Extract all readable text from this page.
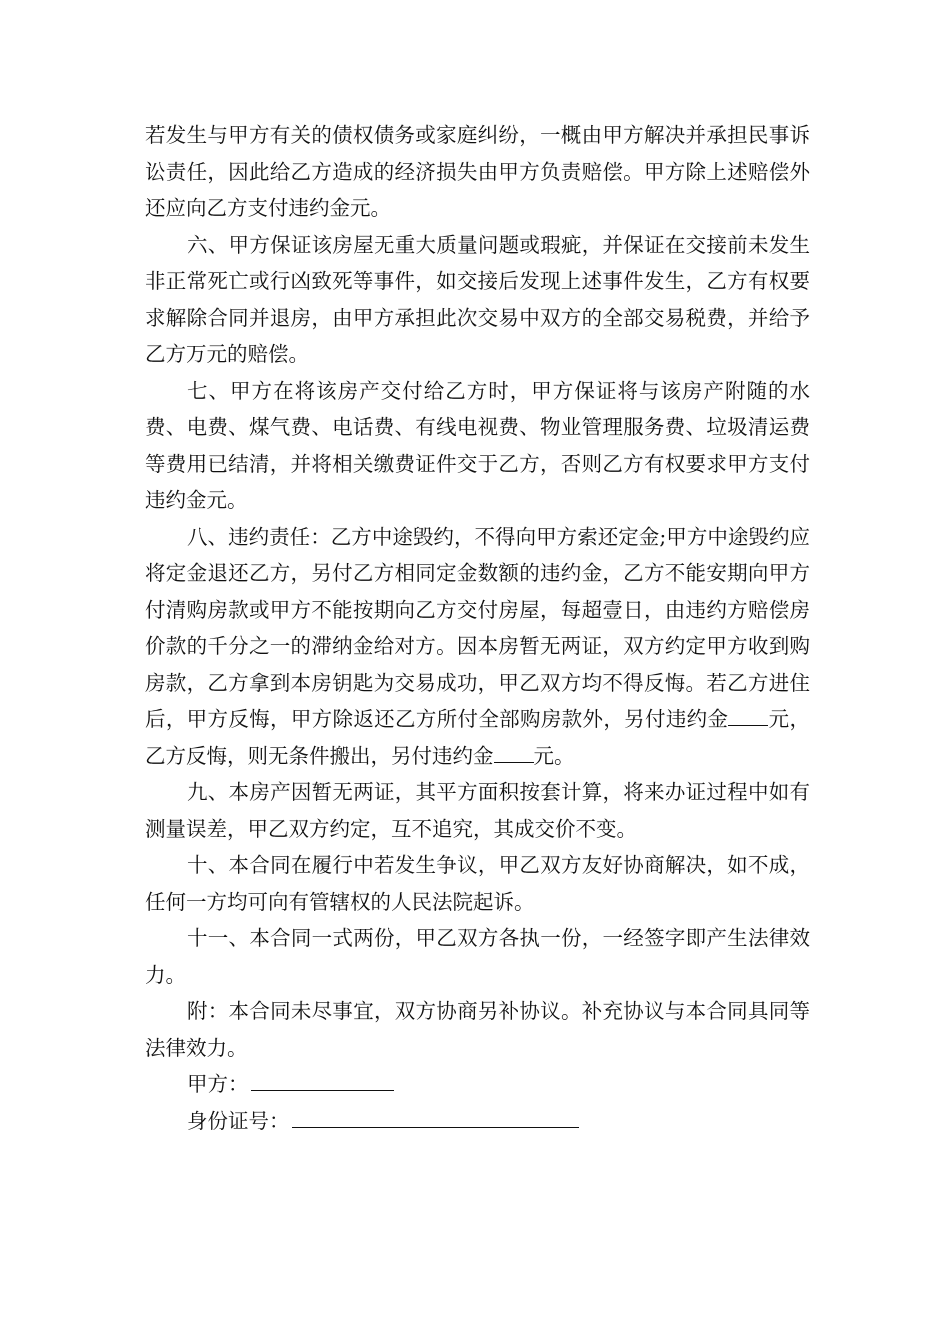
若发生与甲方有关的债权债务或家庭纠纷，一概由甲方解决并承担民事诉讼责任，因此给乙方造成的经济损失由甲方负责赔偿。甲方除上述赔偿外还应向乙方支付违约金元。

六、甲方保证该房屋无重大质量问题或瑕疵，并保证在交接前未发生非正常死亡或行凶致死等事件，如交接后发现上述事件发生，乙方有权要求解除合同并退房，由甲方承担此次交易中双方的全部交易税费，并给予乙方万元的赔偿。

七、甲方在将该房产交付给乙方时，甲方保证将与该房产附随的水费、电费、煤气费、电话费、有线电视费、物业管理服务费、垃圾清运费等费用已结清，并将相关缴费证件交于乙方，否则乙方有权要求甲方支付违约金元。

八、违约责任：乙方中途毁约，不得向甲方索还定金;甲方中途毁约应将定金退还乙方，另付乙方相同定金数额的违约金，乙方不能安期向甲方付清购房款或甲方不能按期向乙方交付房屋，每超壹日，由违约方赔偿房价款的千分之一的滞纳金给对方。因本房暂无两证，双方约定甲方收到购房款，乙方拿到本房钥匙为交易成功，甲乙双方均不得反悔。若乙方进住后，甲方反悔，甲方除返还乙方所付全部购房款外，另付违约金 元，乙方反悔，则无条件搬出，另付违约金 元。

九、本房产因暂无两证，其平方面积按套计算，将来办证过程中如有测量误差，甲乙双方约定，互不追究，其成交价不变。

十、本合同在履行中若发生争议，甲乙双方友好协商解决，如不成，任何一方均可向有管辖权的人民法院起诉。

十一、本合同一式两份，甲乙双方各执一份，一经签字即产生法律效力。

附：本合同未尽事宜，双方协商另补协议。补充协议与本合同具同等法律效力。

甲方：

身份证号：
